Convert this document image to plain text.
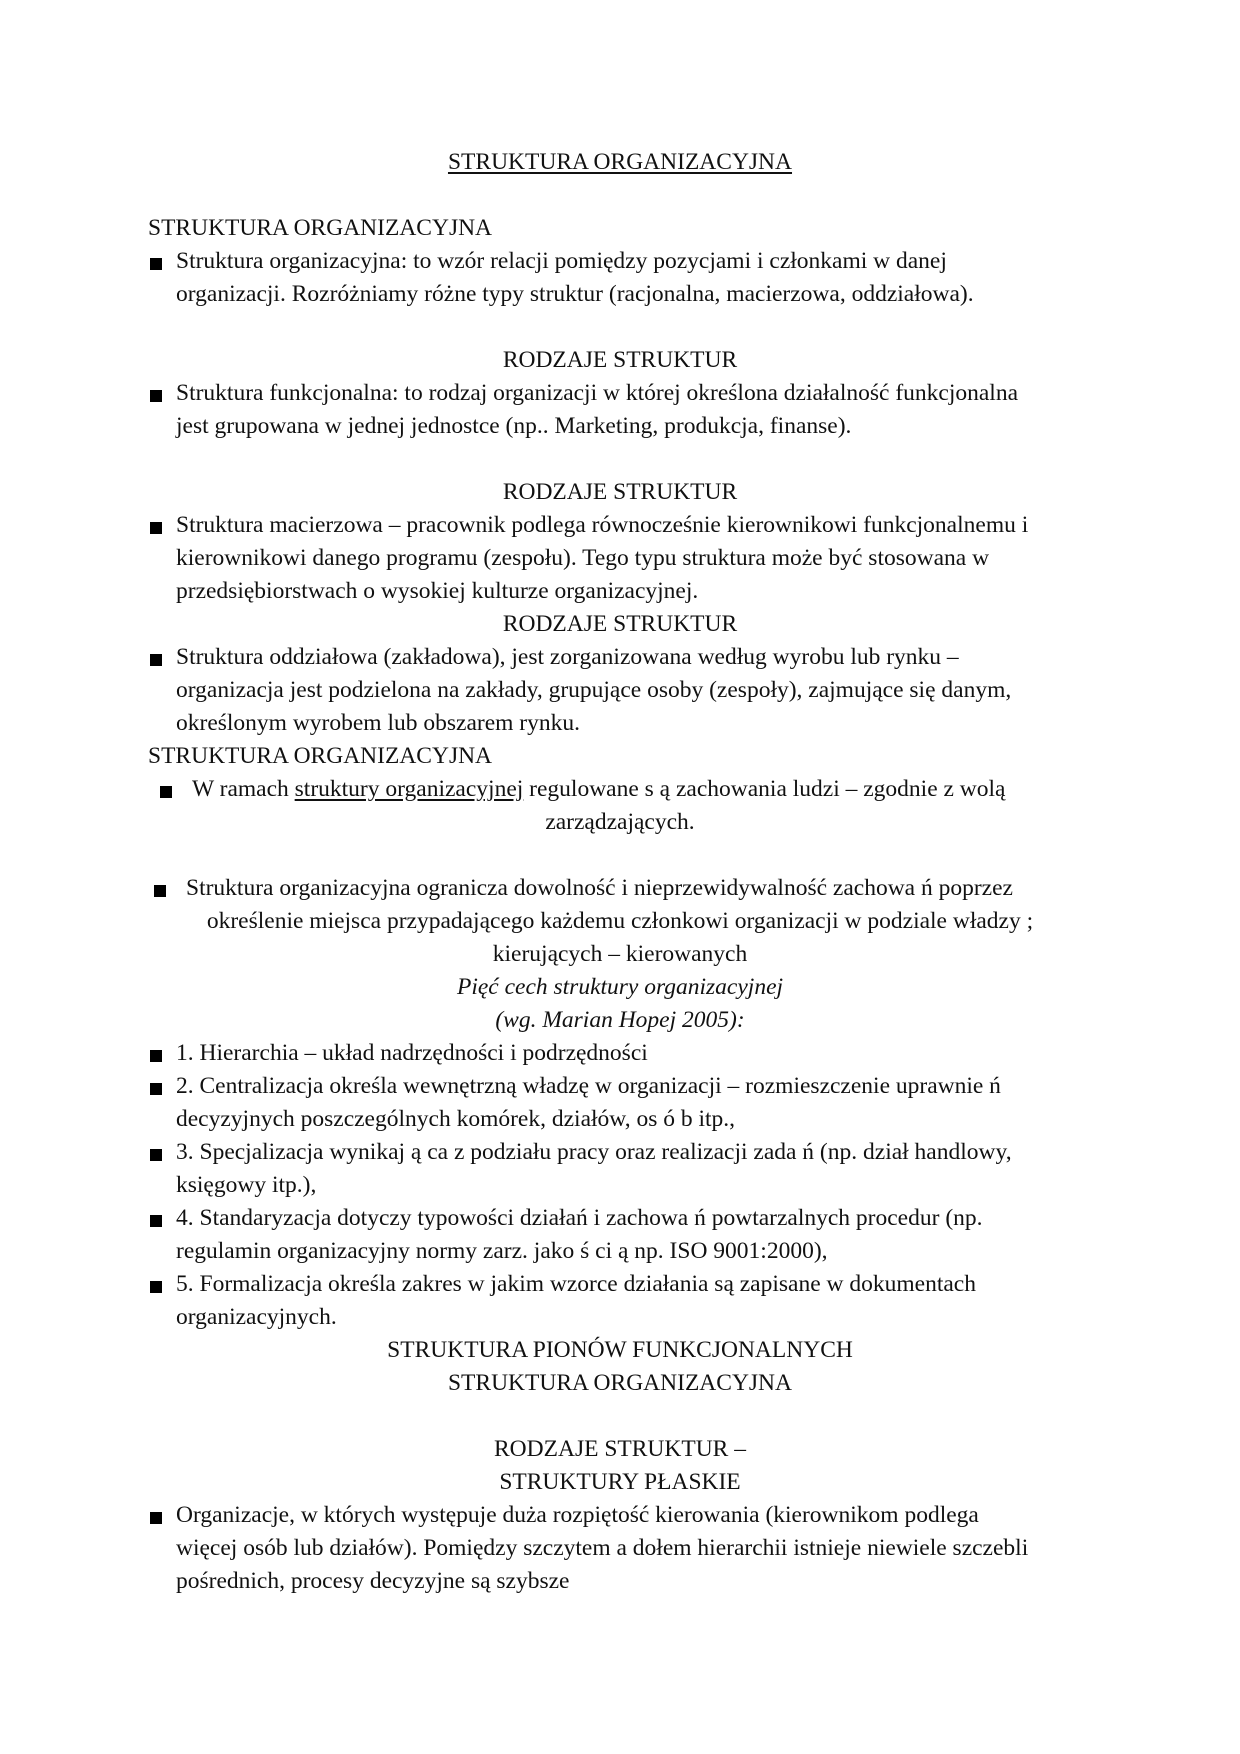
STRUKTURA ORGANIZACYJNA
STRUKTURA ORGANIZACYJNA
Struktura organizacyjna: to wzór relacji pomiędzy pozycjami i członkami w danej
organizacji. Rozróżniamy różne typy struktur (racjonalna, macierzowa, oddziałowa).
RODZAJE STRUKTUR
Struktura funkcjonalna: to rodzaj organizacji w której określona działalność funkcjonalna
jest grupowana w jednej jednostce (np.. Marketing, produkcja, finanse).
RODZAJE STRUKTUR
Struktura macierzowa – pracownik podlega równocześnie kierownikowi funkcjonalnemu i
kierownikowi danego programu (zespołu). Tego typu struktura może być stosowana w
przedsiębiorstwach o wysokiej kulturze organizacyjnej.
RODZAJE STRUKTUR
Struktura oddziałowa (zakładowa), jest zorganizowana według wyrobu lub rynku –
organizacja jest podzielona na zakłady, grupujące osoby (zespoły), zajmujące się danym,
określonym wyrobem lub obszarem rynku.
STRUKTURA ORGANIZACYJNA
W ramach struktury organizacyjnej regulowane s ą zachowania ludzi – zgodnie z wolą
zarządzających.
Struktura organizacyjna ogranicza dowolność i nieprzewidywalność zachowa ń poprzez
określenie miejsca przypadającego każdemu członkowi organizacji w podziale władzy ;
kierujących – kierowanych
Pięć cech struktury organizacyjnej
(wg. Marian Hopej 2005):
1. Hierarchia – układ nadrzędności i podrzędności
2. Centralizacja określa wewnętrzną władzę w organizacji – rozmieszczenie uprawnie ń
decyzyjnych poszczególnych komórek, działów, os ó b itp.,
3. Specjalizacja wynikaj ą ca z podziału pracy oraz realizacji zada ń (np. dział handlowy,
księgowy itp.),
4. Standaryzacja dotyczy typowości działań i zachowa ń powtarzalnych procedur (np.
regulamin organizacyjny normy zarz. jako ś ci ą np. ISO 9001:2000),
5. Formalizacja określa zakres w jakim wzorce działania są zapisane w dokumentach
organizacyjnych.
STRUKTURA PIONÓW FUNKCJONALNYCH
STRUKTURA ORGANIZACYJNA
RODZAJE STRUKTUR –
STRUKTURY PŁASKIE
Organizacje, w których występuje duża rozpiętość kierowania (kierownikom podlega
więcej osób lub działów). Pomiędzy szczytem a dołem hierarchii istnieje niewiele szczebli
pośrednich, procesy decyzyjne są szybsze
